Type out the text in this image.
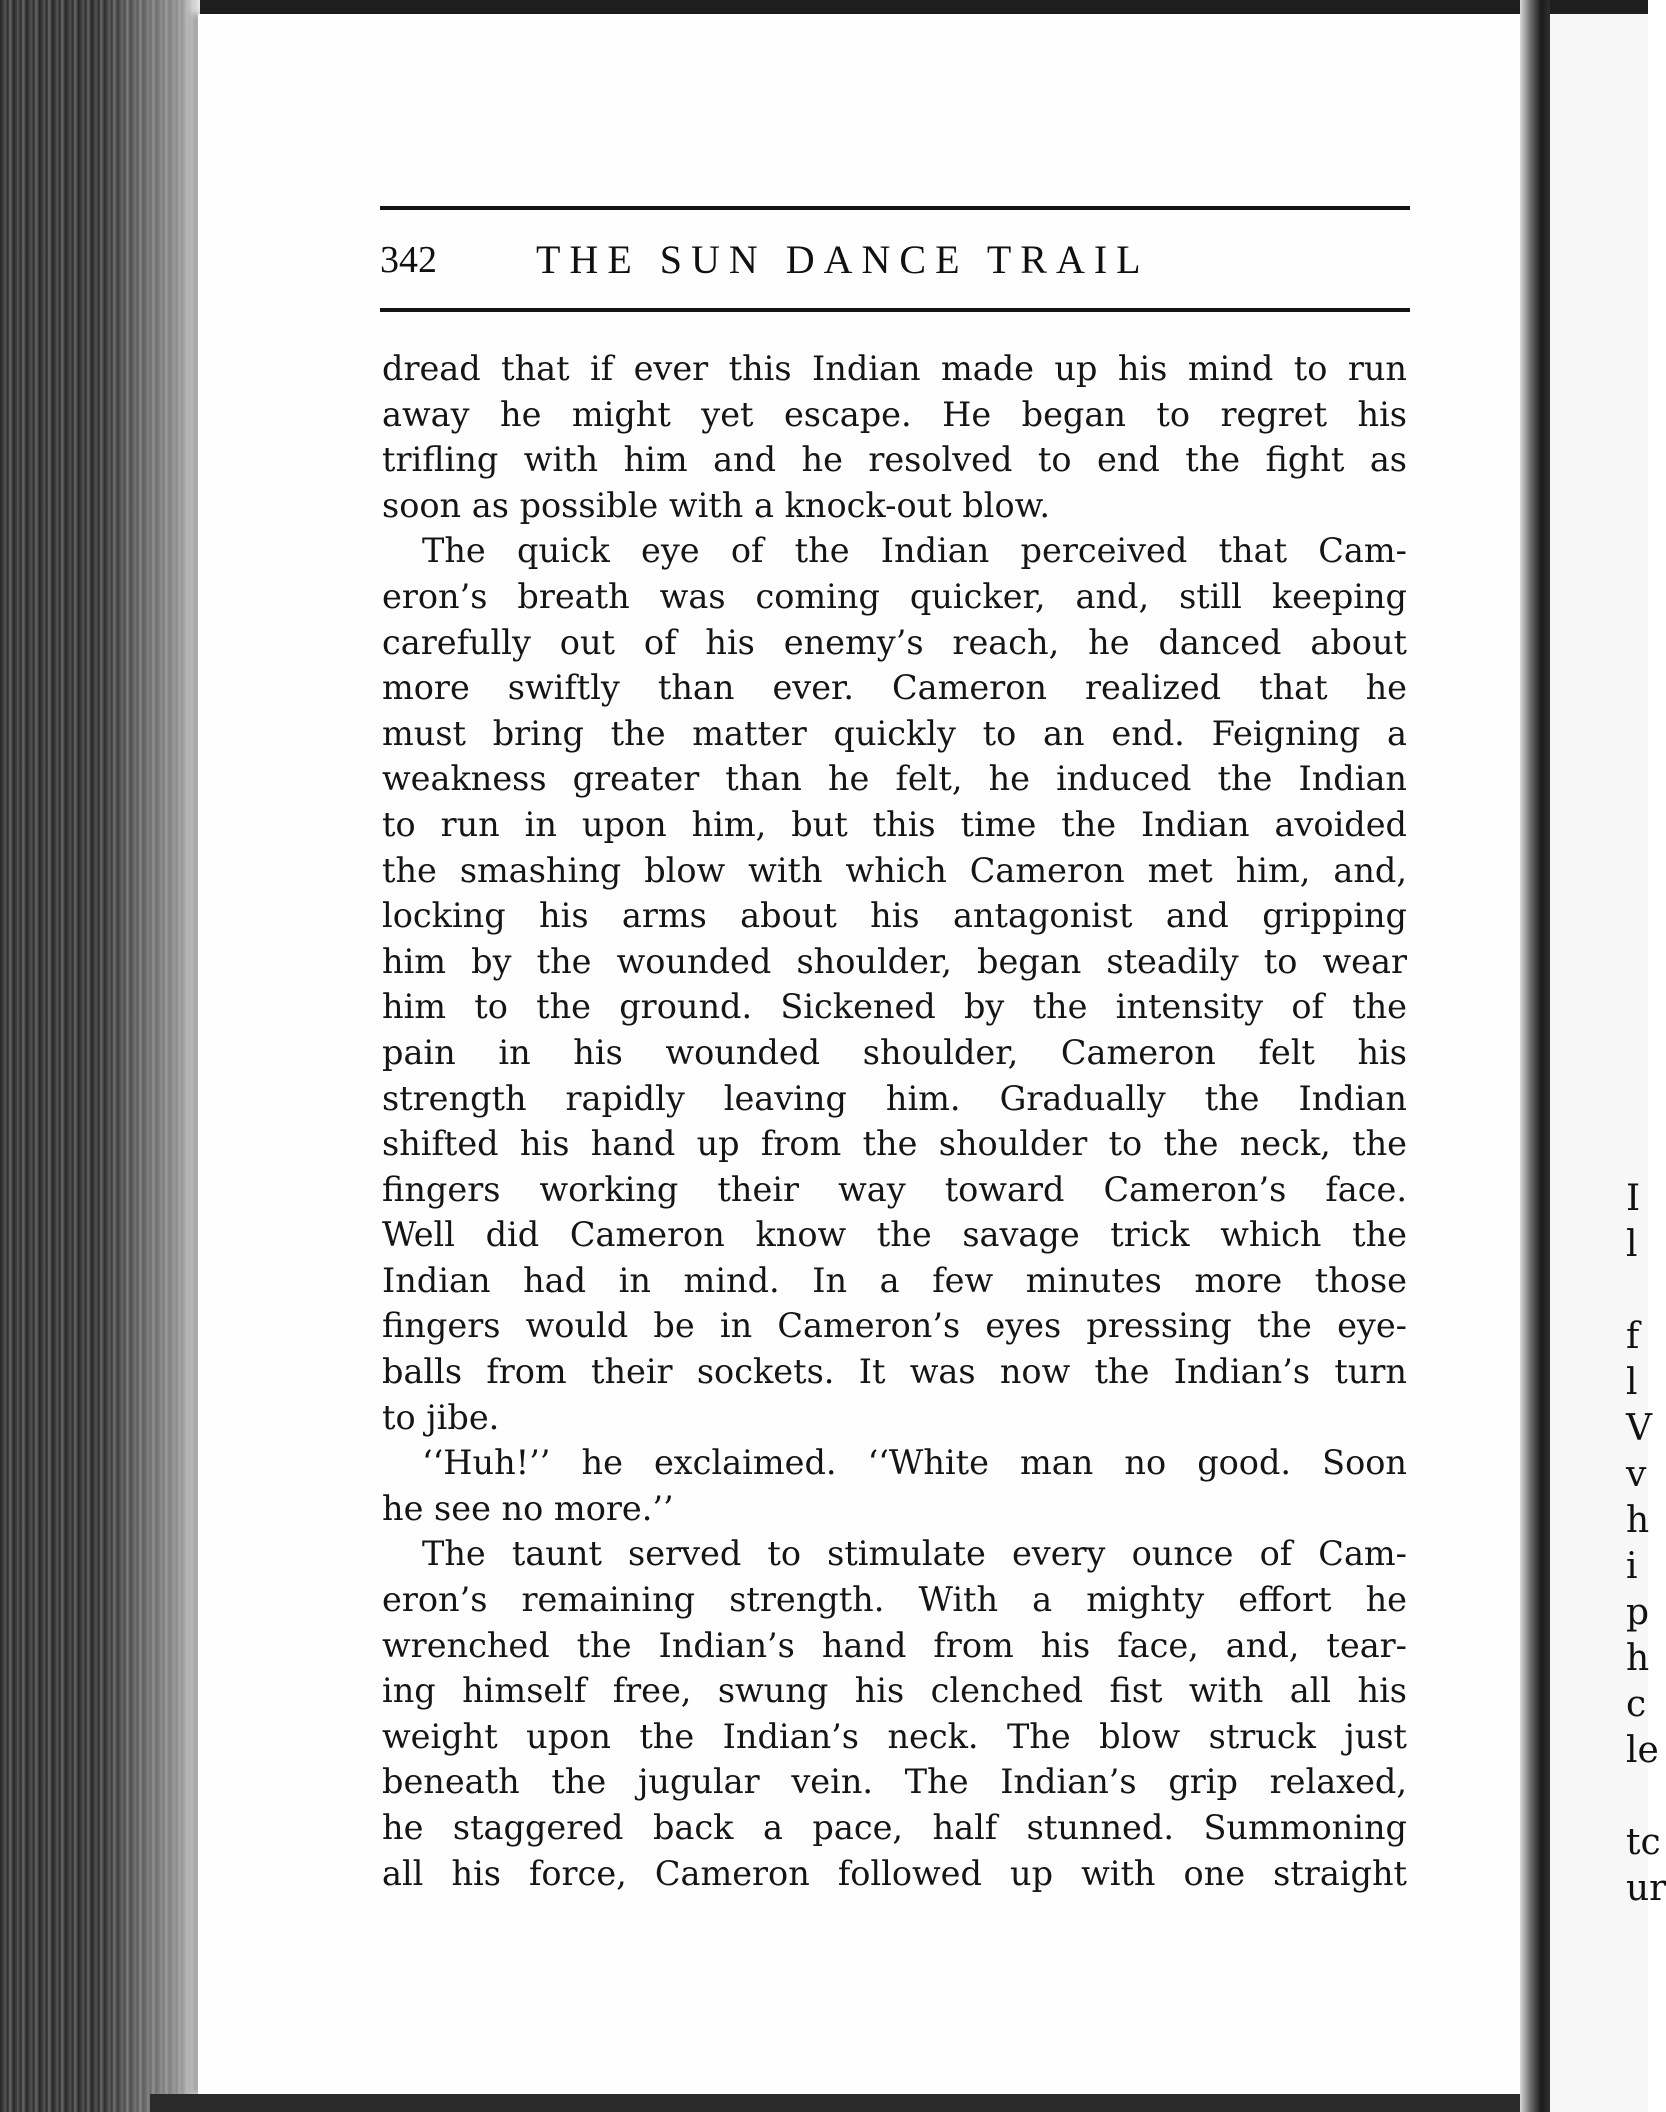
I
l
f
l
V
v
h
i
p
h
c
le
tc
ur
342 THE SUN DANCE TRAIL
dread that if ever this Indian made up his mind to run
away he might yet escape. He began to regret his
trifling with him and he resolved to end the fight as
soon as possible with a knock-out blow.
The quick eye of the Indian perceived that Cam-
eron’s breath was coming quicker, and, still keeping
carefully out of his enemy’s reach, he danced about
more swiftly than ever. Cameron realized that he
must bring the matter quickly to an end. Feigning a
weakness greater than he felt, he induced the Indian
to run in upon him, but this time the Indian avoided
the smashing blow with which Cameron met him, and,
locking his arms about his antagonist and gripping
him by the wounded shoulder, began steadily to wear
him to the ground. Sickened by the intensity of the
pain in his wounded shoulder, Cameron felt his
strength rapidly leaving him. Gradually the Indian
shifted his hand up from the shoulder to the neck, the
fingers working their way toward Cameron’s face.
Well did Cameron know the savage trick which the
Indian had in mind. In a few minutes more those
fingers would be in Cameron’s eyes pressing the eye-
balls from their sockets. It was now the Indian’s turn
to jibe.
‘‘Huh!’’ he exclaimed. ‘‘White man no good. Soon
he see no more.’’
The taunt served to stimulate every ounce of Cam-
eron’s remaining strength. With a mighty effort he
wrenched the Indian’s hand from his face, and, tear-
ing himself free, swung his clenched fist with all his
weight upon the Indian’s neck. The blow struck just
beneath the jugular vein. The Indian’s grip relaxed,
he staggered back a pace, half stunned. Summoning
all his force, Cameron followed up with one straight
